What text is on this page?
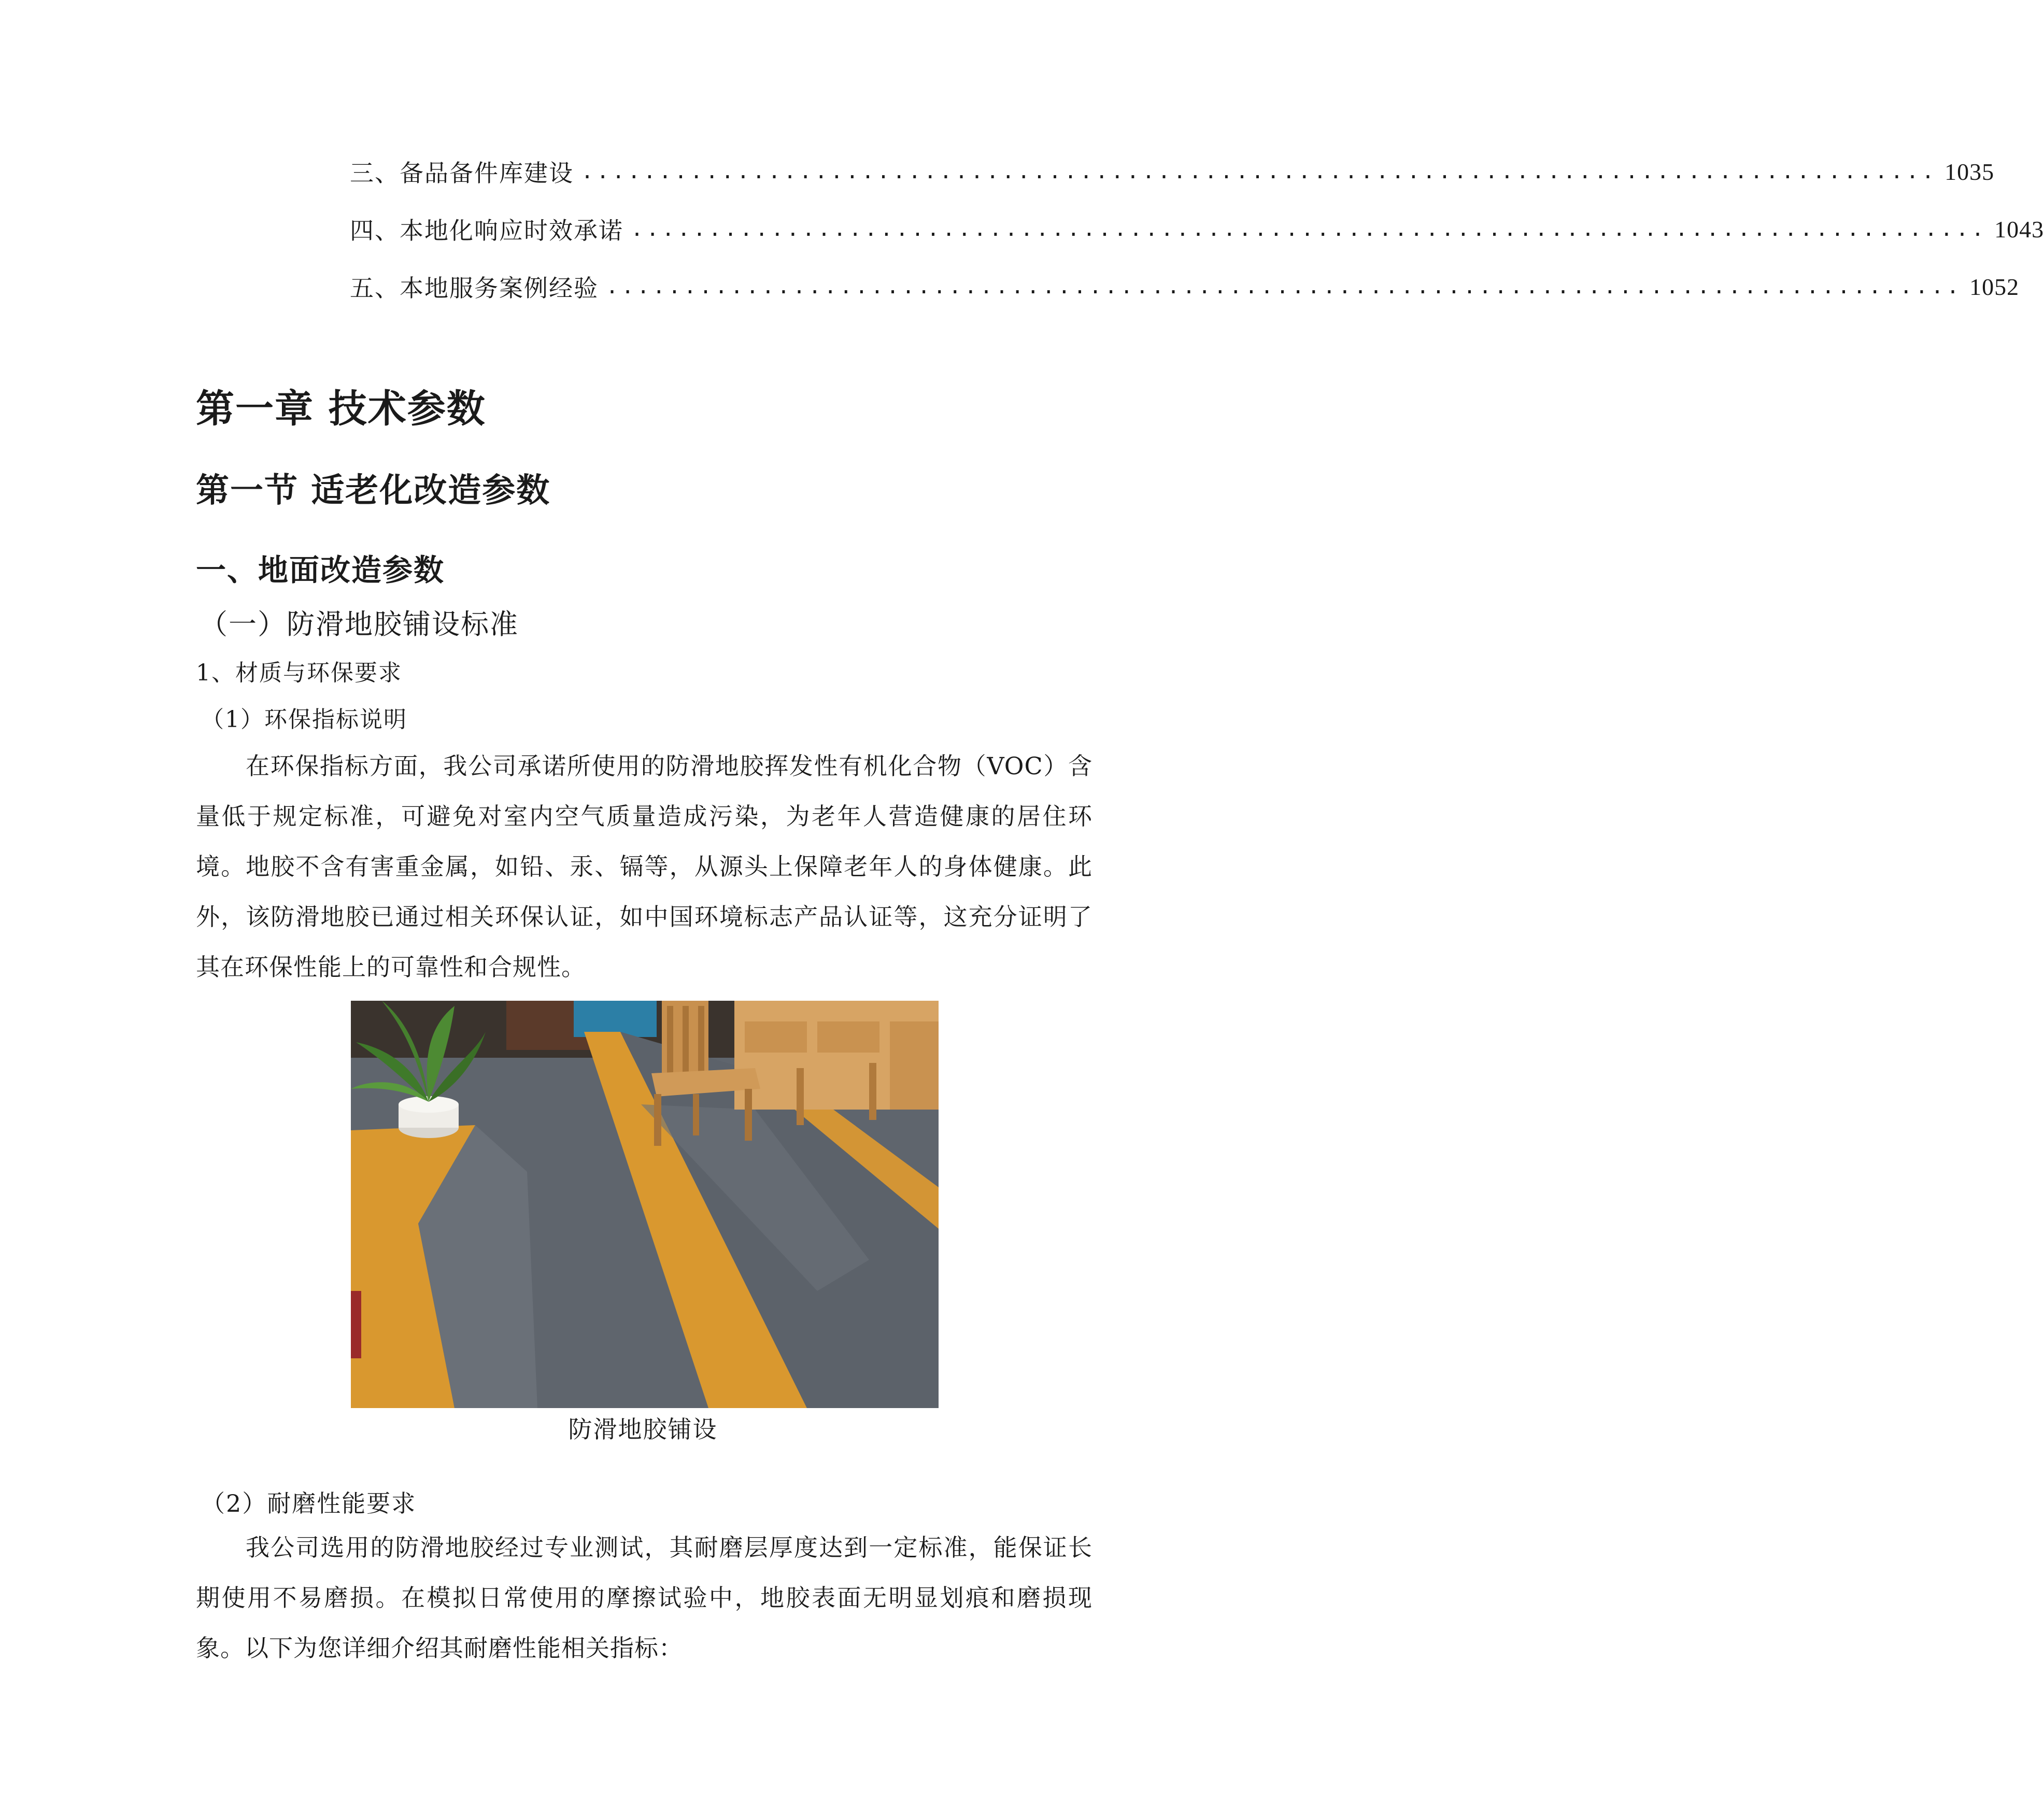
三、 备品备件库建设 ....................................................................................... 1035
四、 本地化响应时效承诺 ....................................................................................... 1043
五、 本地服务案例经验 ....................................................................................... 1052
第一章 技术参数
第一节 适老化改造参数
一、地面改造参数
（一）防滑地胶铺设标准
1、材质与环保要求
（1）环保指标说明

在环保指标方面，我公司承诺所使用的防滑地胶挥发性有机化合物（VOC）含量低于规定标准，可避免对室内空气质量造成污染，为老年人营造健康的居住环境。地胶不含有害重金属，如铅、汞、镉等，从源头上保障老年人的身体健康。此外，该防滑地胶已通过相关环保认证，如中国环境标志产品认证等，这充分证明了其在环保性能上的可靠性和合规性。

防滑地胶铺设
（2）耐磨性能要求

我公司选用的防滑地胶经过专业测试，其耐磨层厚度达到一定标准，能保证长期使用不易磨损。在模拟日常使用的摩擦试验中，地胶表面无明显划痕和磨损现象。以下为您详细介绍其耐磨性能相关指标：
